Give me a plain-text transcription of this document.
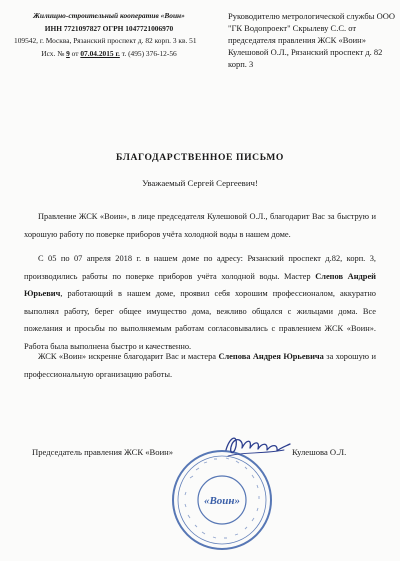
Жилищно-строительный кооператив «Воин»
ИНН 7721097827 ОГРН 1047721006970
109542, г. Москва, Рязанский проспект д. 82 корп. 3 кв. 51
Исх. № 9 от 07.04.2015 г. т. (495) 376-12-56
Руководителю метрологической службы ООО "ГК Водопроект" Скрылеву С.С. от председателя правления ЖСК «Воин» Кулешовой О.Л., Рязанский проспект д. 82 корп. 3
БЛАГОДАРСТВЕННОЕ ПИСЬМО
Уважаемый Сергей Сергеевич!
Правление ЖСК «Воин», в лице председателя Кулешовой О.Л., благодарит Вас за быструю и хорошую работу по поверке приборов учёта холодной воды в нашем доме.
С 05 по 07 апреля 2018 г. в нашем доме по адресу: Рязанский проспект д.82, корп. 3, производились работы по поверке приборов учёта холодной воды. Мастер Слепов Андрей Юрьевич, работающий в нашем доме, проявил себя хорошим профессионалом, аккуратно выполнял работу, берег общее имущество дома, вежливо общался с жильцами дома. Все пожелания и просьбы по выполняемым работам согласовывались с правлением ЖСК «Воин». Работа была выполнена быстро и качественно.
ЖСК «Воин» искренне благодарит Вас и мастера Слепова Андрея Юрьевича за хорошую и профессиональную организацию работы.
Председатель правления ЖСК «Воин»	Кулешова О.Л.
«Воин»
